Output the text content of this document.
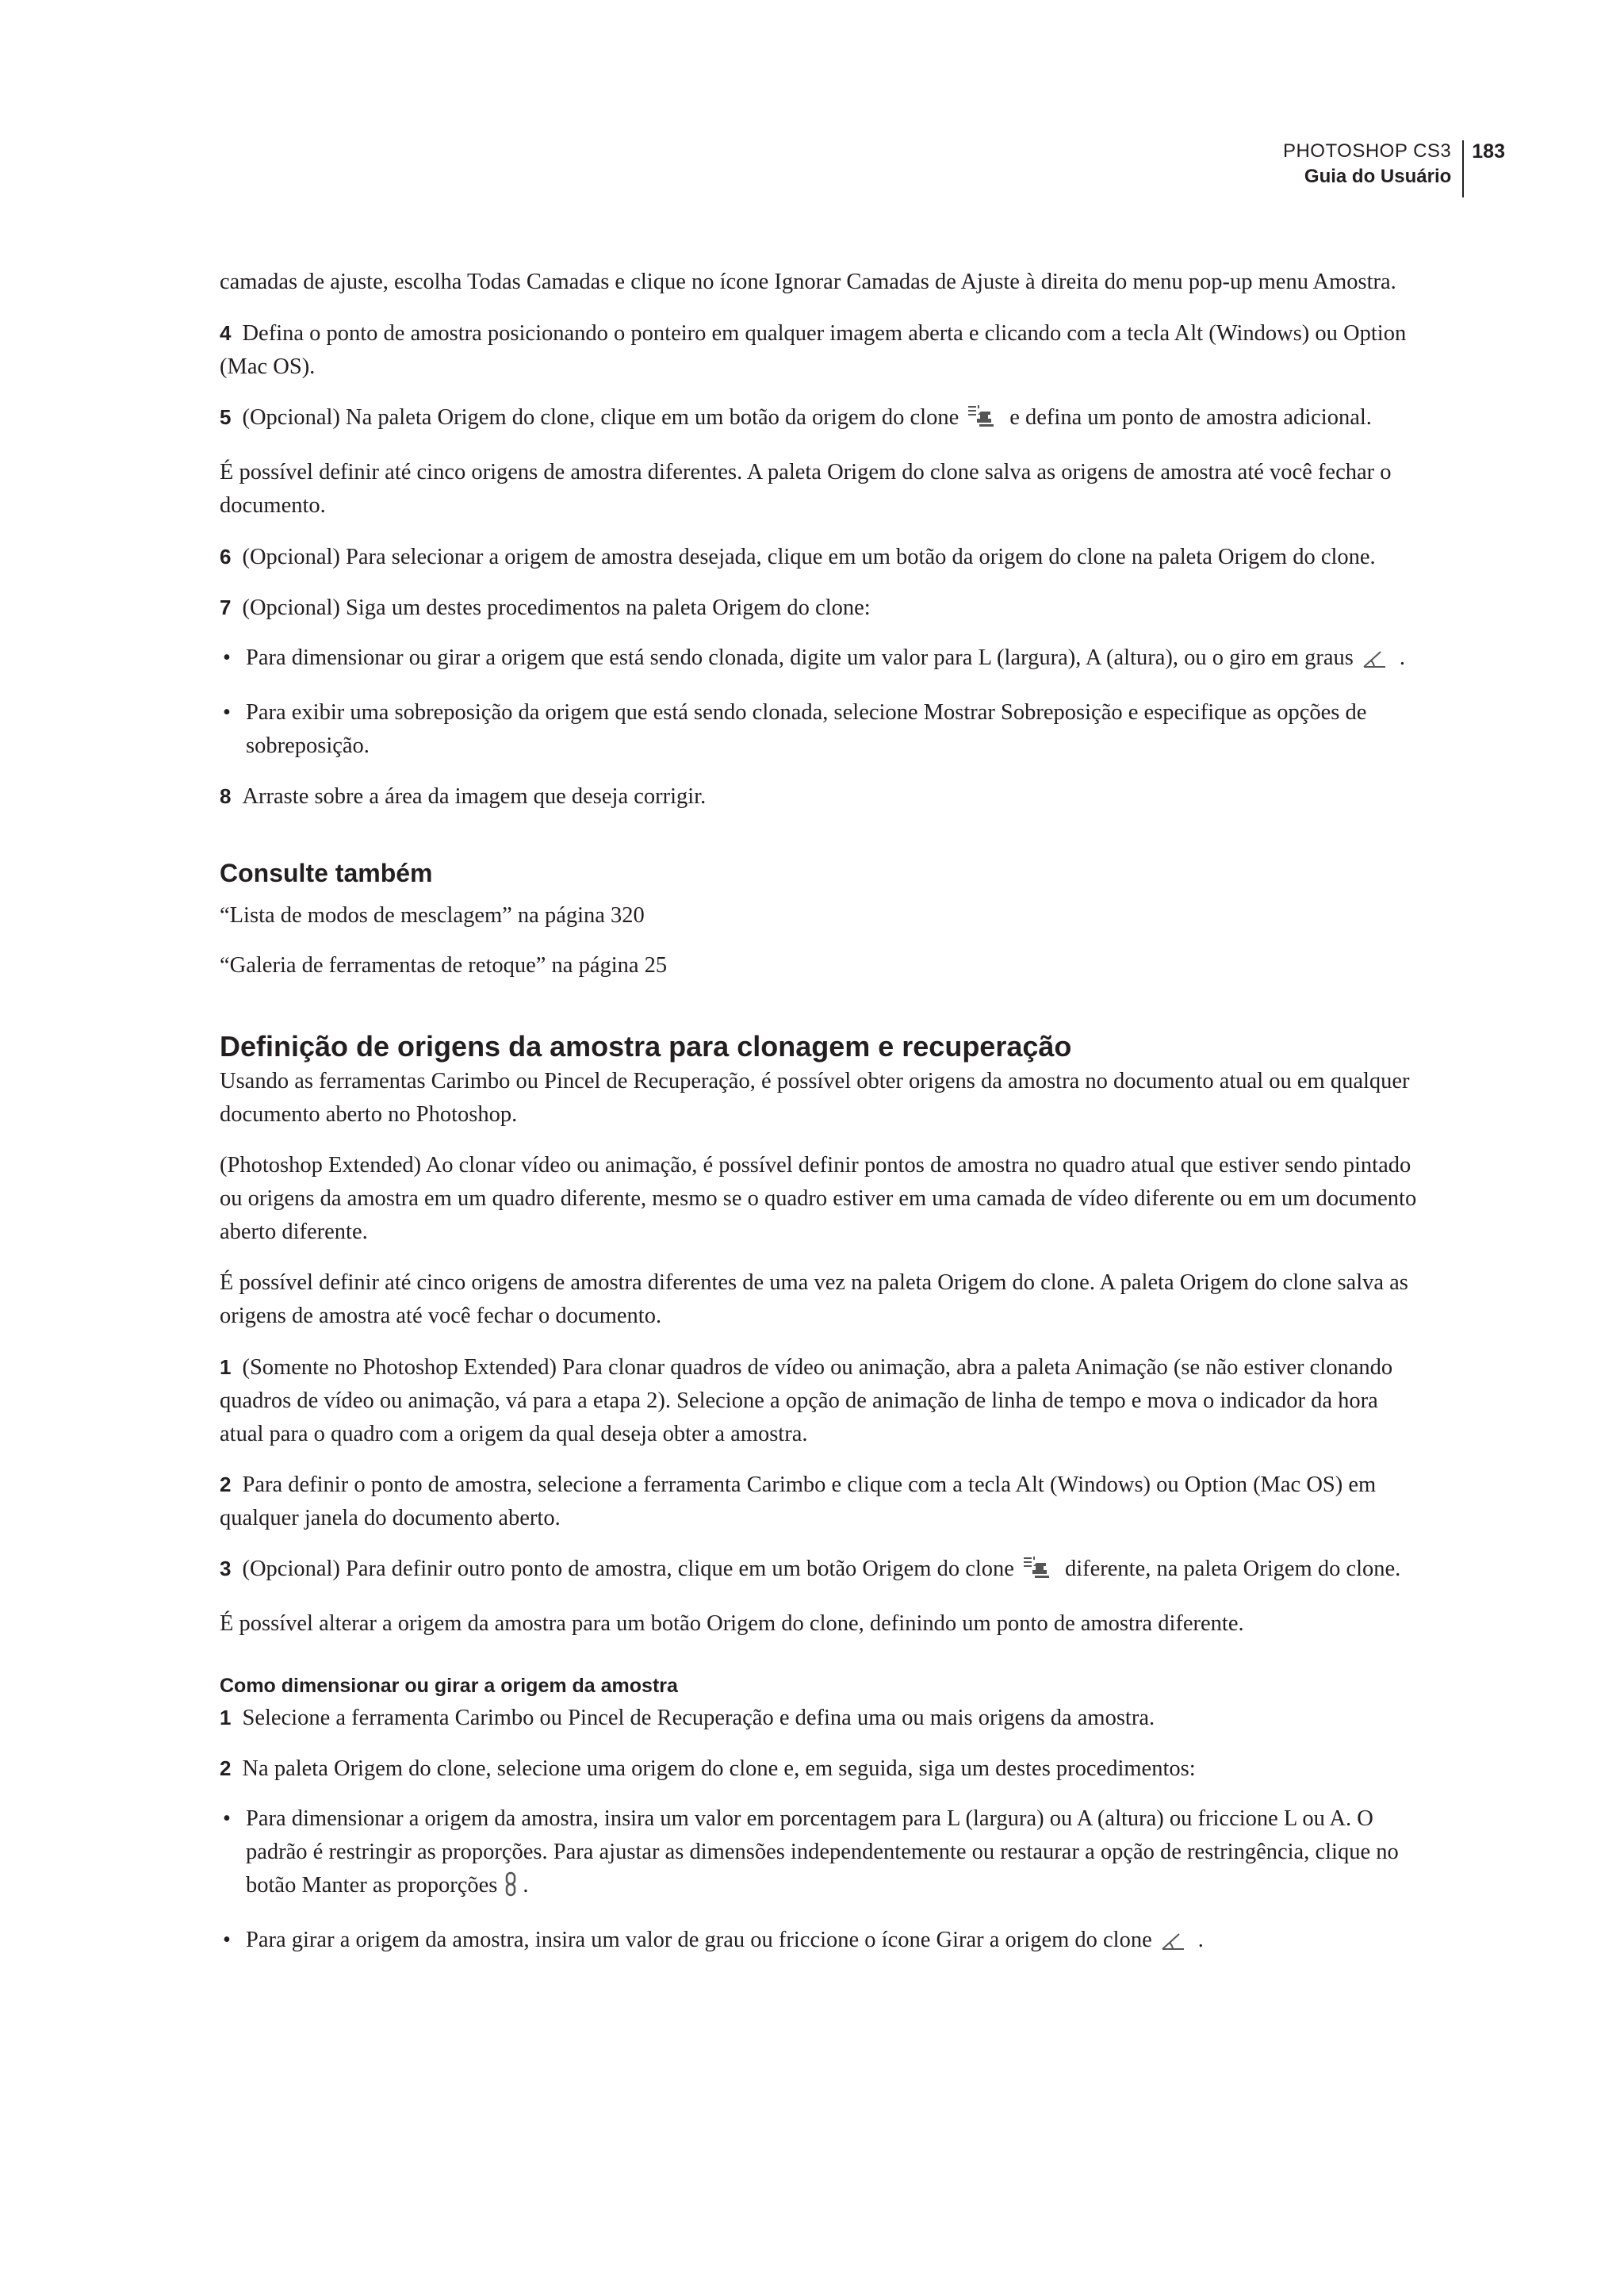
PHOTOSHOP CS3
Guia do Usuário
183

camadas de ajuste, escolha Todas Camadas e clique no ícone Ignorar Camadas de Ajuste à direita do menu pop-up menu Amostra.

4 Defina o ponto de amostra posicionando o ponteiro em qualquer imagem aberta e clicando com a tecla Alt (Windows) ou Option (Mac OS).

5 (Opcional) Na paleta Origem do clone, clique em um botão da origem do clone e defina um ponto de amostra adicional.

É possível definir até cinco origens de amostra diferentes. A paleta Origem do clone salva as origens de amostra até você fechar o documento.

6 (Opcional) Para selecionar a origem de amostra desejada, clique em um botão da origem do clone na paleta Origem do clone.

7 (Opcional) Siga um destes procedimentos na paleta Origem do clone:

• Para dimensionar ou girar a origem que está sendo clonada, digite um valor para L (largura), A (altura), ou o giro em graus .

• Para exibir uma sobreposição da origem que está sendo clonada, selecione Mostrar Sobreposição e especifique as opções de sobreposição.

8 Arraste sobre a área da imagem que deseja corrigir.

Consulte também

“Lista de modos de mesclagem” na página 320

“Galeria de ferramentas de retoque” na página 25

Definição de origens da amostra para clonagem e recuperação

Usando as ferramentas Carimbo ou Pincel de Recuperação, é possível obter origens da amostra no documento atual ou em qualquer documento aberto no Photoshop.

(Photoshop Extended) Ao clonar vídeo ou animação, é possível definir pontos de amostra no quadro atual que estiver sendo pintado ou origens da amostra em um quadro diferente, mesmo se o quadro estiver em uma camada de vídeo diferente ou em um documento aberto diferente.

É possível definir até cinco origens de amostra diferentes de uma vez na paleta Origem do clone. A paleta Origem do clone salva as origens de amostra até você fechar o documento.

1 (Somente no Photoshop Extended) Para clonar quadros de vídeo ou animação, abra a paleta Animação (se não estiver clonando quadros de vídeo ou animação, vá para a etapa 2). Selecione a opção de animação de linha de tempo e mova o indicador da hora atual para o quadro com a origem da qual deseja obter a amostra.

2 Para definir o ponto de amostra, selecione a ferramenta Carimbo e clique com a tecla Alt (Windows) ou Option (Mac OS) em qualquer janela do documento aberto.

3 (Opcional) Para definir outro ponto de amostra, clique em um botão Origem do clone diferente, na paleta Origem do clone.

É possível alterar a origem da amostra para um botão Origem do clone, definindo um ponto de amostra diferente.

Como dimensionar ou girar a origem da amostra

1 Selecione a ferramenta Carimbo ou Pincel de Recuperação e defina uma ou mais origens da amostra.

2 Na paleta Origem do clone, selecione uma origem do clone e, em seguida, siga um destes procedimentos:

• Para dimensionar a origem da amostra, insira um valor em porcentagem para L (largura) ou A (altura) ou friccione L ou A. O padrão é restringir as proporções. Para ajustar as dimensões independentemente ou restaurar a opção de restringência, clique no botão Manter as proporções .

• Para girar a origem da amostra, insira um valor de grau ou friccione o ícone Girar a origem do clone .
